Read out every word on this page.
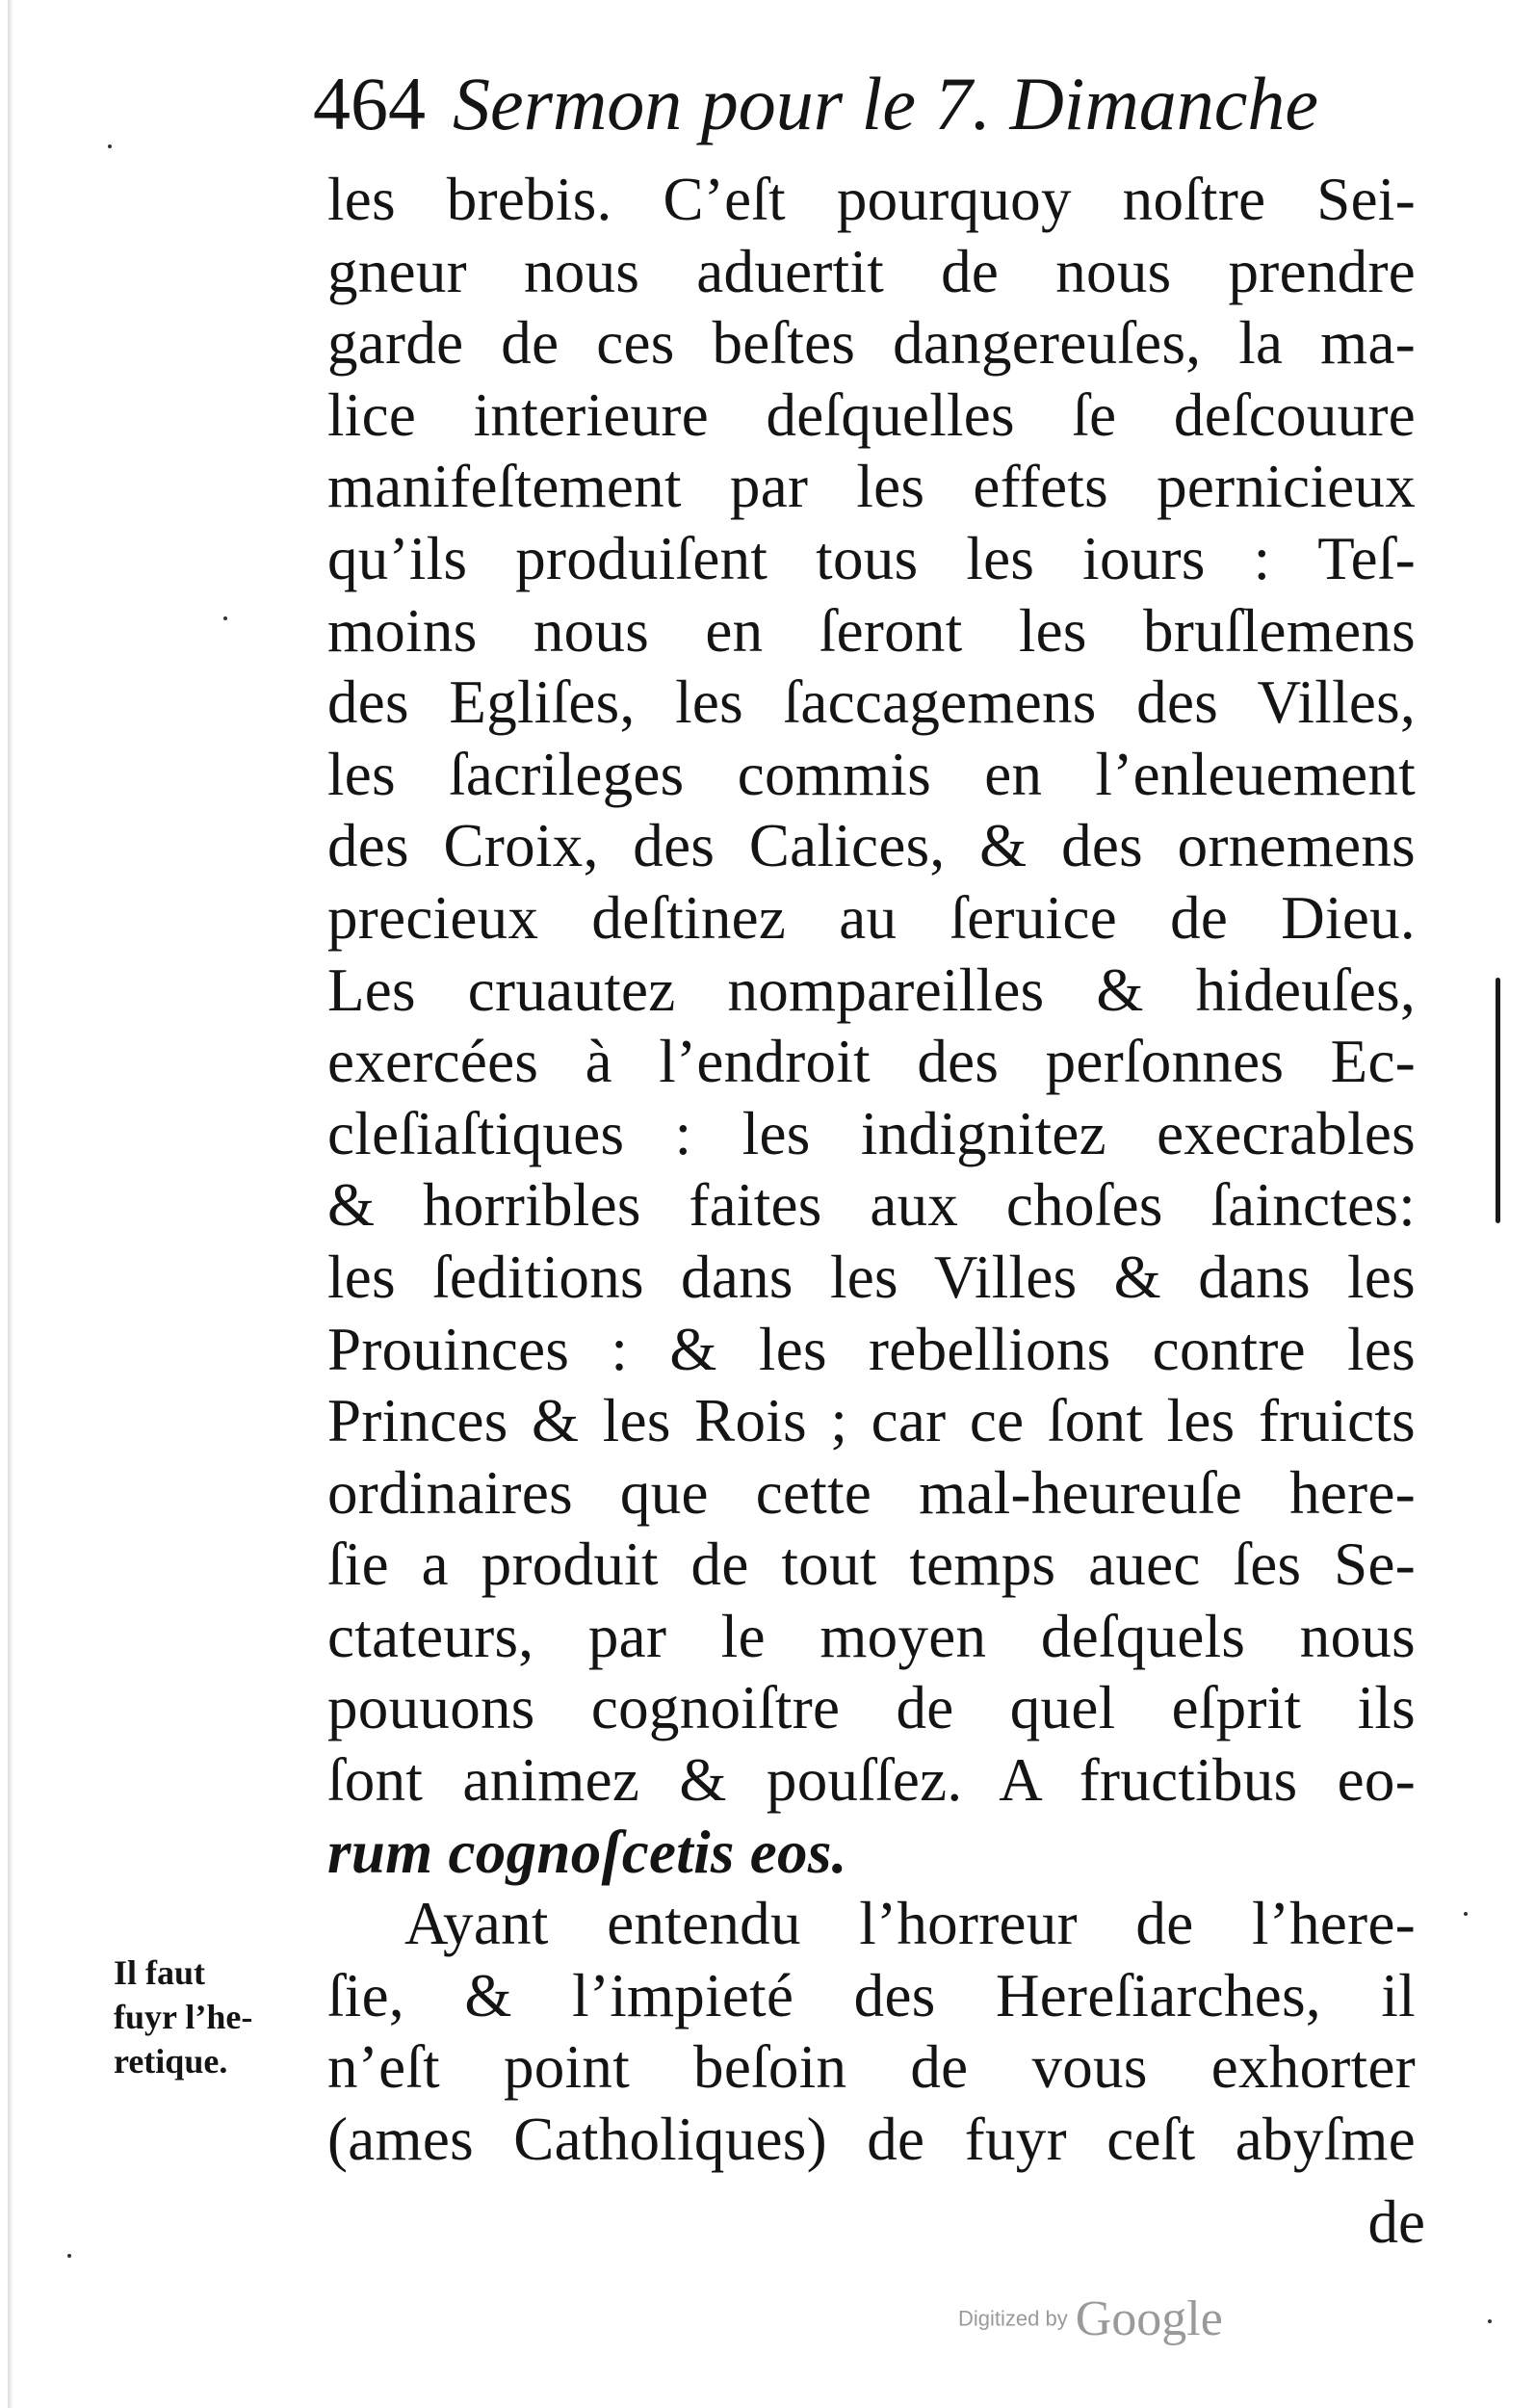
464 Sermon pour le 7. Dimanche
les brebis. C’eſt pourquoy noſtre Sei-
gneur nous aduertit de nous prendre
garde de ces beſtes dangereuſes, la ma-
lice interieure deſquelles ſe deſcouure
manifeſtement par les effets pernicieux
qu’ils produiſent tous les iours : Teſ-
moins nous en ſeront les bruſlemens
des Egliſes, les ſaccagemens des Villes,
les ſacrileges commis en l’enleuement
des Croix, des Calices, & des ornemens
precieux deſtinez au ſeruice de Dieu.
Les cruautez nompareilles & hideuſes,
exercées à l’endroit des perſonnes Ec-
cleſiaſtiques : les indignitez execrables
& horribles faites aux choſes ſainctes:
les ſeditions dans les Villes & dans les
Prouinces : & les rebellions contre les
Princes & les Rois ; car ce ſont les fruicts
ordinaires que cette mal-heureuſe here-
ſie a produit de tout temps auec ſes Se-
ctateurs, par le moyen deſquels nous
pouuons cognoiſtre de quel eſprit ils
ſont animez & pouſſez. A fructibus eo-
rum cognoſcetis eos.
Ayant entendu l’horreur de l’here-
ſie, & l’impieté des Hereſiarches, il
n’eſt point beſoin de vous exhorter
(ames Catholiques) de fuyr ceſt abyſme
de
Il faut
fuyr l’he-
retique.
Digitized by Google
